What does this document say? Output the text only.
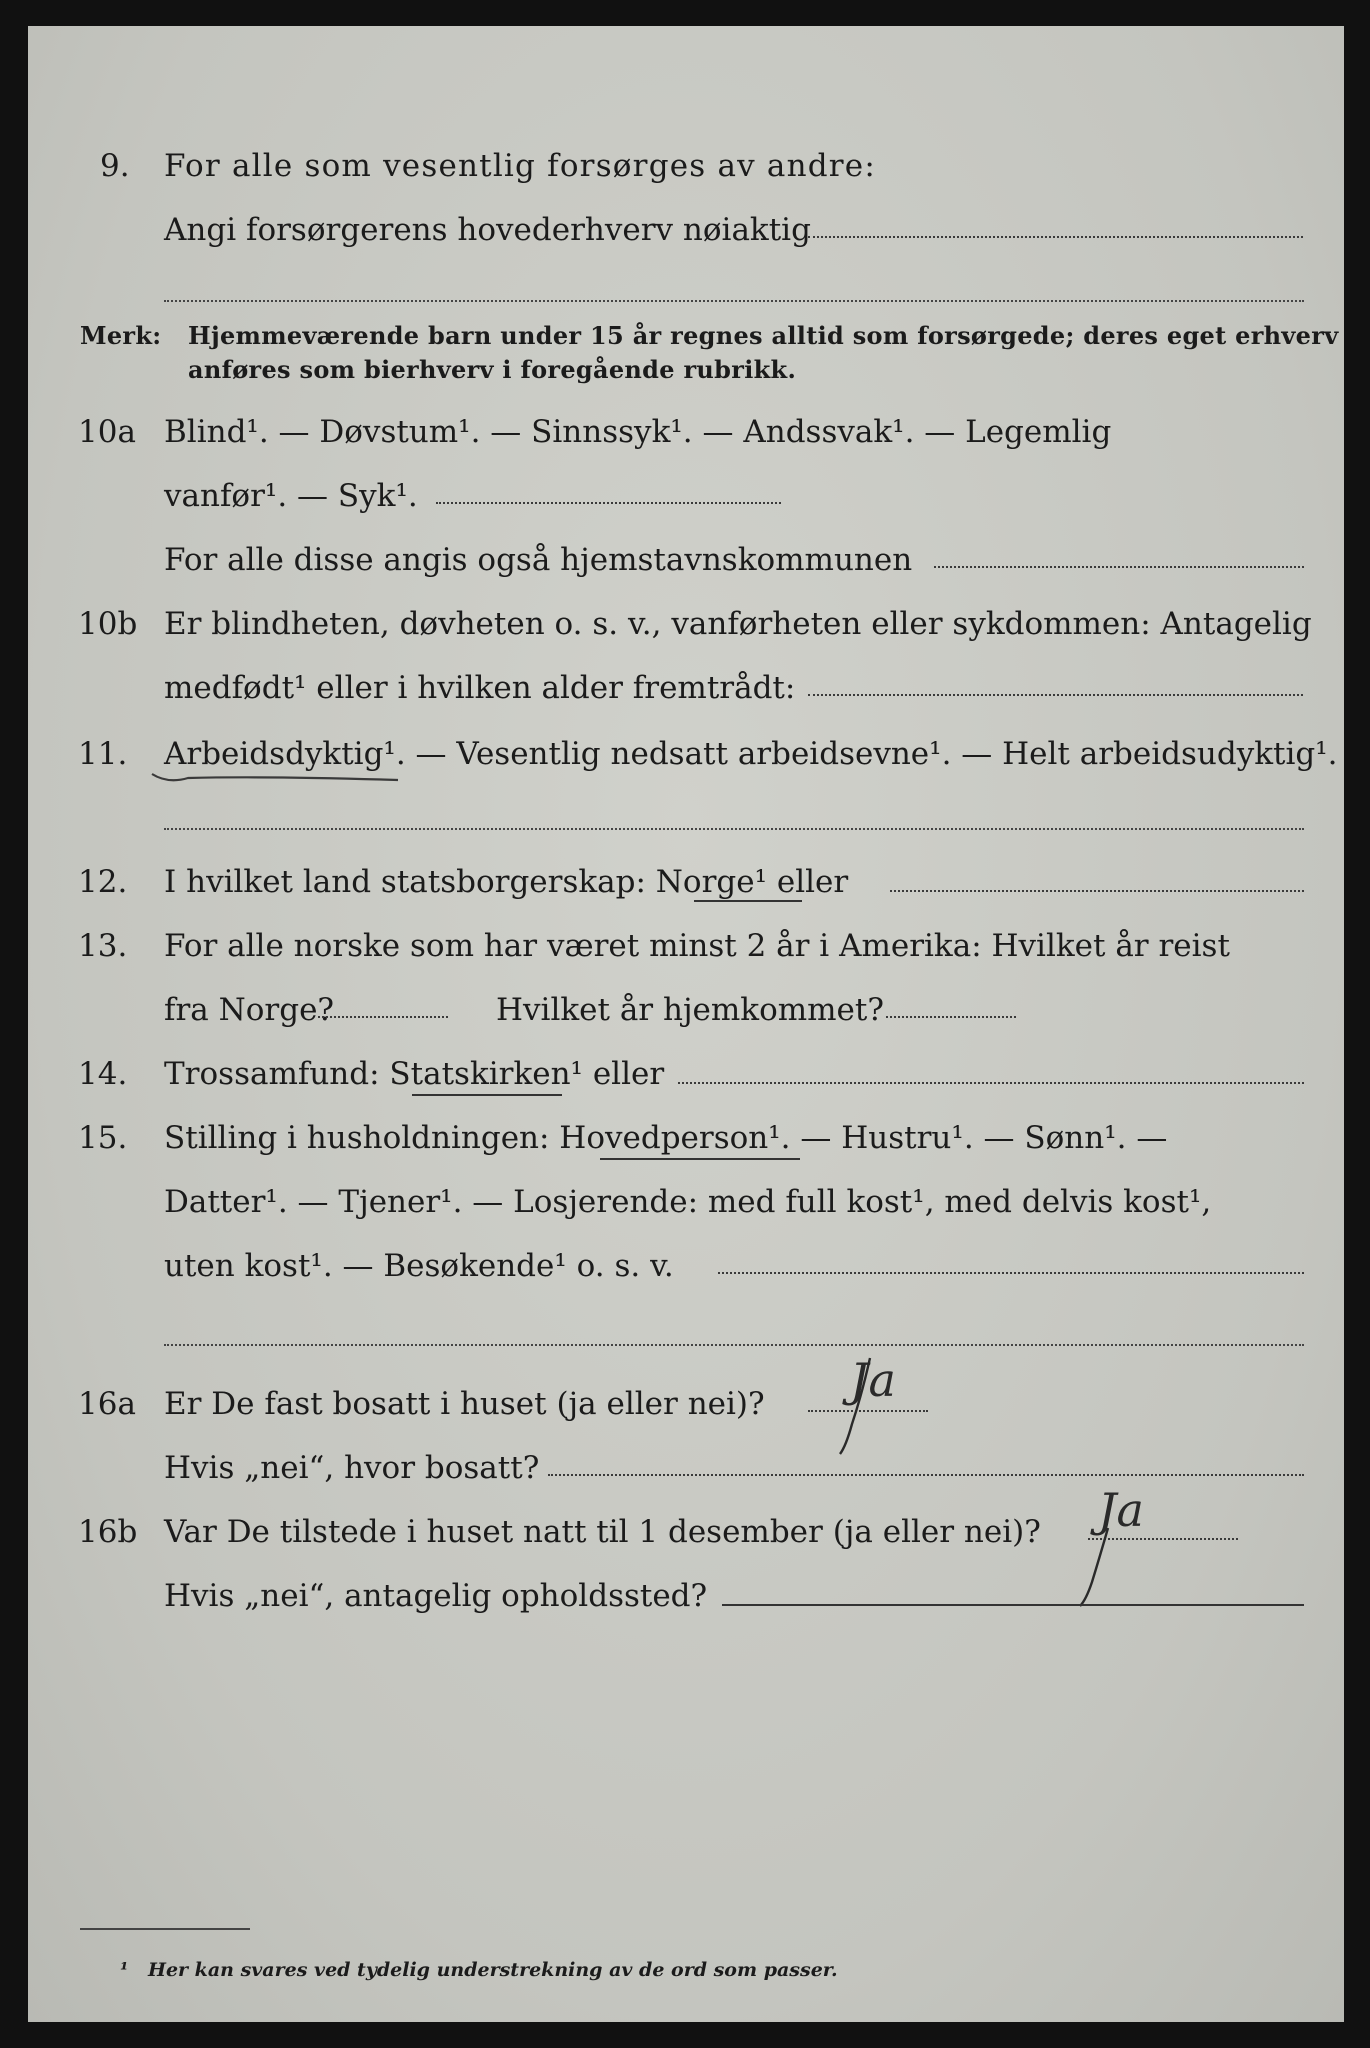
9. For alle som vesentlig forsørges av andre:
Angi forsørgerens hovederhverv nøiaktig
Merk: Hjemmeværende barn under 15 år regnes alltid som forsørgede; deres eget erhverv
anføres som bierhverv i foregående rubrikk.
10a Blind¹. — Døvstum¹. — Sinnssyk¹. — Andssvak¹. — Legemlig
vanfør¹. — Syk¹.
For alle disse angis også hjemstavnskommunen
10b Er blindheten, døvheten o. s. v., vanførheten eller sykdommen: Antagelig
medfødt¹ eller i hvilken alder fremtrådt:
11. Arbeidsdyktig¹. — Vesentlig nedsatt arbeidsevne¹. — Helt arbeidsudyktig¹.
12. I hvilket land statsborgerskap: Norge¹ eller
13. For alle norske som har været minst 2 år i Amerika: Hvilket år reist
fra Norge?	Hvilket år hjemkommet?
14. Trossamfund: Statskirken¹ eller
15. Stilling i husholdningen: Hovedperson¹. — Hustru¹. — Sønn¹. —
Datter¹. — Tjener¹. — Losjerende: med full kost¹, med delvis kost¹,
uten kost¹. — Besøkende¹ o. s. v.
16a Er De fast bosatt i huset (ja eller nei)? Ja
Hvis „nei“, hvor bosatt?
16b Var De tilstede i huset natt til 1 desember (ja eller nei)? Ja
Hvis „nei“, antagelig opholdssted?
¹ Her kan svares ved tydelig understrekning av de ord som passer.
